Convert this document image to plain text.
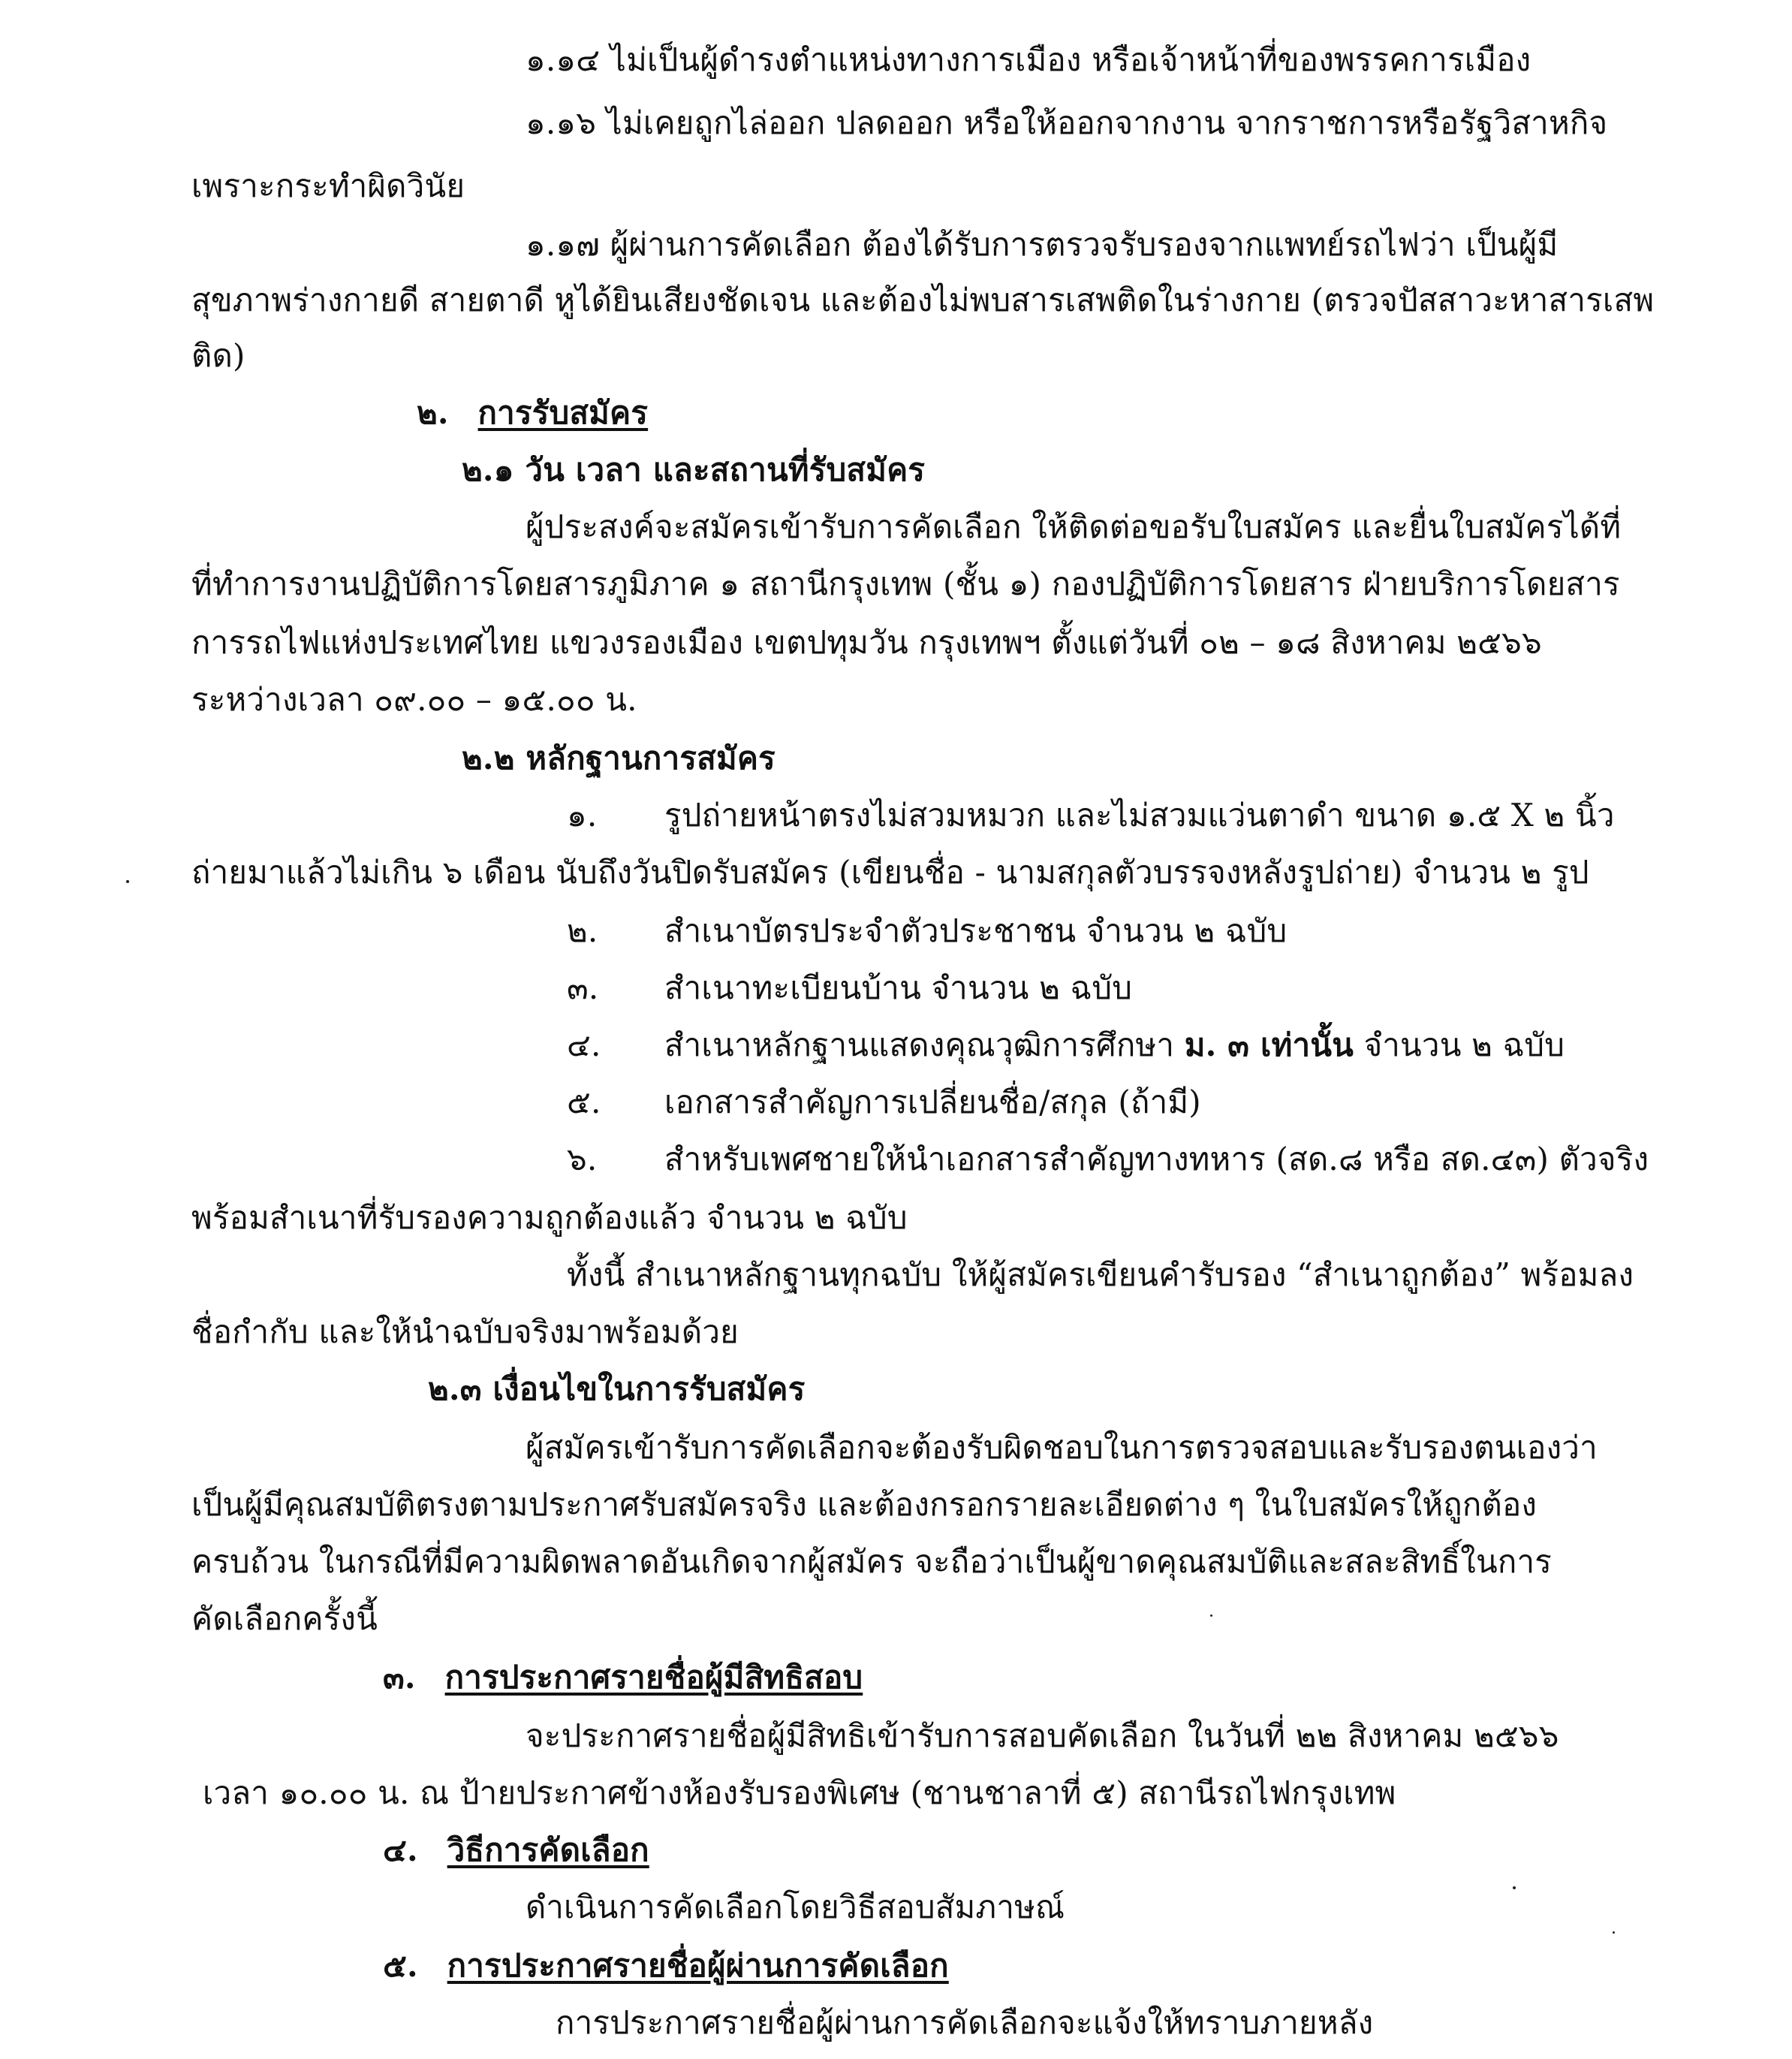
๑.๑๔ ไม่เป็นผู้ดำรงตำแหน่งทางการเมือง หรือเจ้าหน้าที่ของพรรคการเมือง
๑.๑๖ ไม่เคยถูกไล่ออก ปลดออก หรือให้ออกจากงาน จากราชการหรือรัฐวิสาหกิจ
เพราะกระทำผิดวินัย
๑.๑๗ ผู้ผ่านการคัดเลือก ต้องได้รับการตรวจรับรองจากแพทย์รถไฟว่า เป็นผู้มี
สุขภาพร่างกายดี สายตาดี หูได้ยินเสียงชัดเจน และต้องไม่พบสารเสพติดในร่างกาย (ตรวจปัสสาวะหาสารเสพ
ติด)
๒. การรับสมัคร
๒.๑ วัน เวลา และสถานที่รับสมัคร
ผู้ประสงค์จะสมัครเข้ารับการคัดเลือก ให้ติดต่อขอรับใบสมัคร และยื่นใบสมัครได้ที่
ที่ทำการงานปฏิบัติการโดยสารภูมิภาค ๑ สถานีกรุงเทพ (ชั้น ๑) กองปฏิบัติการโดยสาร ฝ่ายบริการโดยสาร
การรถไฟแห่งประเทศไทย แขวงรองเมือง เขตปทุมวัน กรุงเทพฯ ตั้งแต่วันที่ ๐๒ – ๑๘ สิงหาคม ๒๕๖๖
ระหว่างเวลา ๐๙.๐๐ – ๑๕.๐๐ น.
๒.๒ หลักฐานการสมัคร
๑. รูปถ่ายหน้าตรงไม่สวมหมวก และไม่สวมแว่นตาดำ ขนาด ๑.๕ X ๒ นิ้ว
ถ่ายมาแล้วไม่เกิน ๖ เดือน นับถึงวันปิดรับสมัคร (เขียนชื่อ - นามสกุลตัวบรรจงหลังรูปถ่าย) จำนวน ๒ รูป
๒. สำเนาบัตรประจำตัวประชาชน จำนวน ๒ ฉบับ
๓. สำเนาทะเบียนบ้าน จำนวน ๒ ฉบับ
๔. สำเนาหลักฐานแสดงคุณวุฒิการศึกษา ม. ๓ เท่านั้น จำนวน ๒ ฉบับ
๕. เอกสารสำคัญการเปลี่ยนชื่อ/สกุล (ถ้ามี)
๖. สำหรับเพศชายให้นำเอกสารสำคัญทางทหาร (สด.๘ หรือ สด.๔๓) ตัวจริง
พร้อมสำเนาที่รับรองความถูกต้องแล้ว จำนวน ๒ ฉบับ
ทั้งนี้ สำเนาหลักฐานทุกฉบับ ให้ผู้สมัครเขียนคำรับรอง “สำเนาถูกต้อง” พร้อมลง
ชื่อกำกับ และให้นำฉบับจริงมาพร้อมด้วย
๒.๓ เงื่อนไขในการรับสมัคร
ผู้สมัครเข้ารับการคัดเลือกจะต้องรับผิดชอบในการตรวจสอบและรับรองตนเองว่า
เป็นผู้มีคุณสมบัติตรงตามประกาศรับสมัครจริง และต้องกรอกรายละเอียดต่าง ๆ ในใบสมัครให้ถูกต้อง
ครบถ้วน ในกรณีที่มีความผิดพลาดอันเกิดจากผู้สมัคร จะถือว่าเป็นผู้ขาดคุณสมบัติและสละสิทธิ์ในการ
คัดเลือกครั้งนี้
๓. การประกาศรายชื่อผู้มีสิทธิสอบ
จะประกาศรายชื่อผู้มีสิทธิเข้ารับการสอบคัดเลือก ในวันที่ ๒๒ สิงหาคม ๒๕๖๖
เวลา ๑๐.๐๐ น. ณ ป้ายประกาศข้างห้องรับรองพิเศษ (ชานชาลาที่ ๕) สถานีรถไฟกรุงเทพ
๔. วิธีการคัดเลือก
ดำเนินการคัดเลือกโดยวิธีสอบสัมภาษณ์
๕. การประกาศรายชื่อผู้ผ่านการคัดเลือก
การประกาศรายชื่อผู้ผ่านการคัดเลือกจะแจ้งให้ทราบภายหลัง
